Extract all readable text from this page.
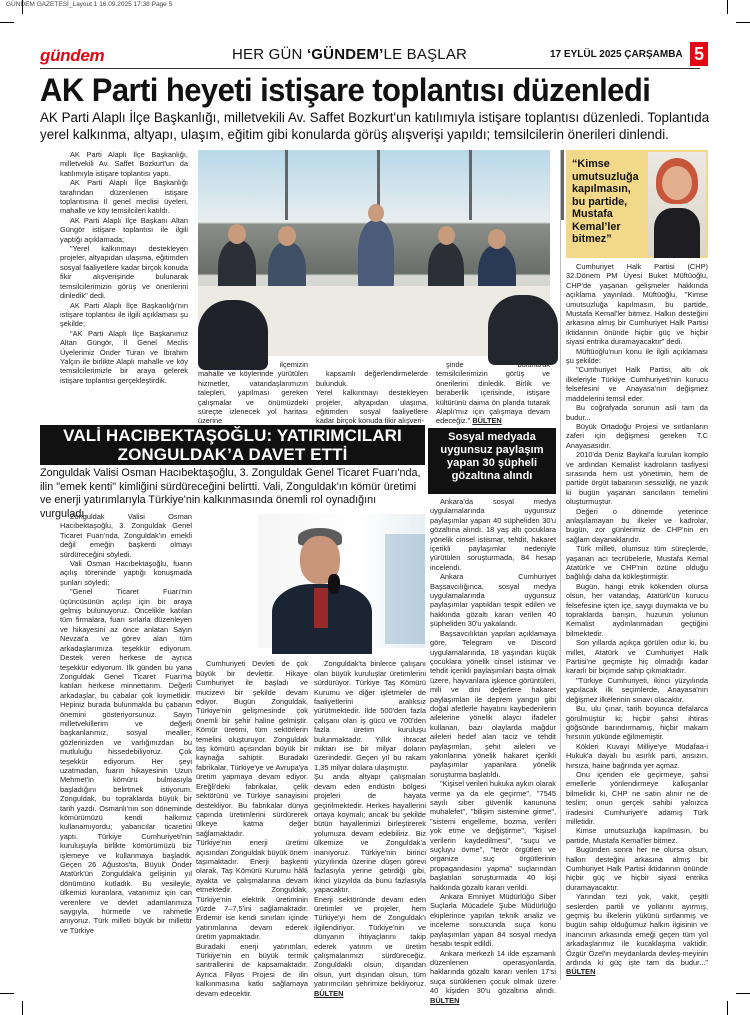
GÜNDEM GAZETESİ_Layout 1 16.09.2025 17:38 Page 5
gündem	HER GÜN ‘GÜNDEM’LE BAŞLAR	17 EYLÜL 2025 ÇARŞAMBA 5
AK Parti heyeti istişare toplantısı düzenledi
AK Parti Alaplı İlçe Başkanlığı, milletvekili Av. Saffet Bozkurt'un katılımıyla istişare toplantısı düzenledi. Toplantıda yerel kalkınma, altyapı, ulaşım, eğitim gibi konularda görüş alışverişi yapıldı; temsilcilerin önerileri dinlendi.

AK Parti Alaplı İlçe Başkanlığı, milletvekili Av. Saffet Bozkurt'un da katılımıyla istişare toplantısı yaptı.

AK Parti Alaplı İlçe Başkanlığı tarafından düzenlenen istişare toplantısına İl genel meclisi üyeleri, mahalle ve köy temsilcileri katıldı.

AK Parti Alaplı İlçe Başkanı Altan Güngör istişare toplantısı ile ilgili yaptığı açıklamada;

"Yerel kalkınmayı destekleyen projeler, altyapıdan ulaşıma, eğitimden sosyal faaliyetlere kadar birçok konuda fikir alışverişinde bulunarak temsilcilerimizin görüş ve önerilerini dinledik" dedi.

AK Parti Alaplı İlçe Başkanlığı'nın istişare toplantısı ile ilgili açıklaması şu şekilde;

"AK Parti Alaplı İlçe Başkanımız Altan Güngör, İl Genel Meclis Üyelerimiz Önder Turan ve İbrahim Yalçın ile birlikte Alaplı mahalle ve köy temsilcilerimizle bir araya gelerek istişare toplantısı gerçekleştirdik.

Toplantımızda; ilçemizin mahalle ve köylerinde yürütülen hizmetler, vatandaşlarımızın talepleri, yapılması gereken çalışmalar ve önümüzdeki süreçte izlenecek yol haritası üzerine

kapsamlı değerlendirmelerde bulunduk.
Yerel kalkınmayı destekleyen projeler, altyapıdan ulaşıma, eğitimden sosyal faaliyetlere kadar birçok konuda fikir alışveri-

şinde bulunarak temsilcilerimizin görüş ve önerilerini dinledik. Birlik ve beraberlik içerisinde, istişare kültürünü daima ön planda tutarak Alaplı'mız için çalışmaya devam edeceğiz." BÜLTEN

“Kimse umutsuzluğa kapılmasın, bu partide, Mustafa Kemal’ler bitmez”

Cumhuriyet Halk Partisi (CHP) 32.Dönem PM Üyesi Buket Müftüoğlu, CHP'de yaşanan gelişmeler hakkında açıklama yayınladı. Müftüoğlu, "Kimse umutsuzluğa kapılmasın, bu partide, Mustafa Kemal'ler bitmez. Halkın desteğini arkasına almış bir Cumhuriyet Halk Partisi iktidarının önünde hiçbir güç ve hiçbir siyasi entrika duramayacaktır" dedi.

Müftüoğlu'nun konu ile ilgili açıklaması şu şekilde:

"Cumhuriyet Halk Partisi, altı ok ilkeleriyle Türkiye Cumhuriyeti'nin kurucu felsefesini ve Anayasa'nın değişmez maddelerini temsil eder.

Bu coğrafyada sorunun asli tam da budur...

Büyük Ortadoğu Projesi ve sırtlanların zaferi için değişmesi gereken T.C Anayasasıdır.

2010'da Deniz Baykal'a kurulan komplo ve ardından Kemalist kadroların tasfiyesi sırasında hem ust yönetimin, hem de partide örgüt tabanının sessizliği, ne yazık ki bugün yaşanan sancıların temelini oluşturmuştur.

Değeri o dönemde yeterince anlaşılamayan bu ilkeler ve kadrolar, bugün, zor günlerimiz de CHP'nin en sağlam dayanaklarıdır.

Türk milleti, olumsuz tüm süreçlerde, yaşanan acı tecrübelerle, Mustafa Kemal Atatürk'e ve CHP'nin özüne olduğu bağlılığı daha da kökleştirmiştir.

Bugün, hangi etnik kökenden olursa olsun, her vatandaş, Atatürk'ün kurucu felsefesine içten içe, saygı duymakta ve bu topraklarda barışın, huzurun yolunun Kemalist aydınlanmadan geçtiğini bilmektedir.

Son yıllarda açıkça görülen odur ki, bu millet, Atatürk ve Cumhuriyet Halk Partisi'ne geçmişte hiç olmadığı kadar kararlı bir biçimde sahip çıkmaktadır.

"Türkiye Cumhuriyeti, ikinci yüzyılında yapılacak ilk seçimlerde, Anayasa'nın değişmez ilkelerinin sınavı olacaktır.

Bu, ulu çınar, tarih boyunca defalarca görülmüştür ki; hiçbir şahsi ihtiras göğsünde barındırmamış, hiçbir makam hırsının yükünde eğilmemiştir.

Kökleri Kuvayi Milliye'ye Müdafaa-i Hukuk'a dayalı bu asırlık parti, ansızın, hırsıza, haine bağrında yer açmaz.

Onu içeriden ele geçirmeye, şahsi emellerle yönlendirmeye kalkışanlar bilmelidir ki, CHP ne satın alınır ne de teslim; onun gerçek sahibi yalnızca iradesini Cumhuriyet'e adamış Türk milletidir.

Kimse umutsuzluğa kapılmasın, bu partide, Mustafa Kemal'ler bitmez.

Bugünden sonra her ne olursa olsun, halkın desteğini arkasına almış bir Cumhuriyet Halk Partisi iktidarının önünde hiçbir güç ve hiçbir siyasi entrika duramayacaktır.

Yarından tezi yok, vakit, çeşitli seslerden partili ve yollarını ayırmış, geçmiş bu ilkelerin yükünü sırtlanmış ve bugün sahip olduğumuz halkın ilgisinin ve inancının arkasında emeği geçen tüm yol arkadaşlarımız ile kucaklaşma vaktidir. Özgür Özel'in meydanlarda devleş-meyinin ardında ki güç işte tam da budur..." BÜLTEN

VALİ HACIBEKTAŞOĞLU: YATIRIMCILARI ZONGULDAK’A DAVET ETTİ
Zonguldak Valisi Osman Hacıbektaşoğlu, 3. Zonguldak Genel Ticaret Fuarı'nda, ilin "emek kenti" kimliğini sürdüreceğini belirtti. Vali, Zonguldak'ın kömür üretimi ve enerji yatırımlarıyla Türkiye'nin kalkınmasında önemli rol oynadığını vurguladı.

Zonguldak Valisi Osman Hacıbektaşoğlu, 3. Zonguldak Genel Ticaret Fuarı'nda, Zonguldak'ın emekli değil emeğin başkenti olmayı sürdüreceğini söyledi.

Vali Osman Hacıbektaşoğlu, fuarın açılış töreninde yaptığı konuşmada şunları söyledi;

"Genel Ticaret Fuarı'nın üçüncüsünün açılışı için bir araya gelmiş bulunuyoruz. Öncelikle katılan tüm firmalara, fuarı sırlarla düzenleyen ve hikayesini az önce anlatan Sayın Nevzat'a ve görev alan tüm arkadaşlarımıza teşekkür ediyorum. Destek veren herkese de ayrıca teşekkür ediyorum. İlk günden bu yana Zonguldak Genel Ticaret Fuarı'na katılan herkese minnettarım. Değerli arkadaşlar, bu çabalar çok kıymetlidir. Hepiniz burada bulunmakla bu çabanın önemini gösteriyorsunuz. Sayın milletvekillerim ve değerli başkanlarımız, sosyal mealler; gözlerinizden ve varlığınızdan bu mutluluğu hissedebiliyoruz. Çok teşekkür ediyorum. Her şeyi uzatmadan, fuarın hikayesinin Uzun Mehmet'in kömürü bulmasıyla başladığını belirtmek istiyorum. Zonguldak, bu topraklarda büyük bir tarih yazdı. Osmanlı'nın son döneminde kömürümüzü kendi halkımız kullanamıyordu; yabancılar ticaretini yaptı. Türkiye Cumhuriyeti'nin kuruluşuyla birlikte kömürümüzü biz işlemeye ve kullanmaya başladık. Geçen 26 Ağustos'ta, Büyük Önder Atatürk'ün Zonguldak'a gelişinin yıl dönümünü kutladık. Bu vesileyle, ülkemizi kuranlara, vatanımız için can verenlere ve devlet adamlarımıza saygıyla, hürmetle ve rahmetle anıyoruz. Türk milleti büyük bir millettir ve Türkiye

Cumhuriyeti Devleti de çok büyük bir devlettir. Hikaye Cumhuriyet ile başladı ve mucizevi bir şekilde devam ediyor. Bugün Zonguldak, Türkiye'nin gelişmesinde çok önemli bir şehir haline gelmiştir. Kömür üretimi, tüm sektörlerin temelini oluşturuyor. Zonguldak taş kömürü açısından büyük bir kaynağa sahiptir. Buradaki fabrikalar, Türkiye'ye ve Avrupa'ya üretim yapmaya devam ediyor. Ereğli'deki fabrikalar, çelik sektörünü ve Türkiye sanayisini destekliyor. Bu fabrikalar dünya çapında üretimlerini sürdürerek ülkeye katma değer sağlamaktadır.
Türkiye'nin enerji üretimi açısından Zonguldak büyük önem taşımaktadır. Enerji başkenti olarak, Taş Kömürü Kurumu hâlâ ayakta ve çalışmalarına devam etmektedir. Zonguldak, Türkiye'nin elektrik üretiminin yüzde 7–7,5'ini sağlamaktadır. Erdemir ise kendi sınırları içinde yatırımlarına devam ederek üretim yapmaktadır.
Buradaki enerji yatırımları, Türkiye'nin en büyük termik santrallerini de kapsamaktadır. Ayrıca Filyos Projesi de ilin kalkınmasına katkı sağlamaya devam edecektir.

Zonguldak'ta binlerce çalışanı olan büyük kuruluşlar üretimlerini sürdürüyor. Türkiye Taş Kömürü Kurumu ve diğer işletmeler de faaliyetlerini aralıksız yürütmektedir. İlde 500'den fazla çalışanı olan iş gücü ve 700'den fazla üretim kuruluşu bulunmaktadır. Yıllık ihracat miktarı ise bir milyar doların üzerindedir. Geçen yıl bu rakam 1,35 milyar dolara ulaşmıştır.
Şu anda altyapı çalışmaları devam eden endüstri bölgesi projeleri de hayata geçirilmektedir. Herkes hayallerini ortaya koymalı; ancak bu şekilde bütün hayallerimizi birleştirerek yolumuza devam edebiliriz. Biz ülkemize ve Zonguldak'a inanıyoruz. Türkiye'nin birinci yüzyılında üzerine düşen görevi fazlasıyla yerine getirdiği gibi, ikinci yüzyılda da bunu fazlasıyla yapacaktır.
Enerji sektöründe devam eden üretimler ve projeler, hem Türkiye'yi hem de Zonguldak'ı ilgilendiriyor. Türkiye'nin ve dünyanın ihtiyaçlarını takip ederek yatırım ve üretim çalışmalarımızı sürdüreceğiz. Zonguldaklı olsun, dışarıdan olsun, yurt dışından olsun, tüm yatırımcıları şehrimize bekliyoruz. BÜLTEN

Sosyal medyada uygunsuz paylaşım yapan 30 şüpheli gözaltına alındı

Ankara'da sosyal medya uygulamalarında uygunsuz paylaşımlar yapan 40 süpheliden 30'u gözaltına alındı. 18 yaş altı çocuklara yönelik cinsel istismar, tehdit, hakaret içerikli paylaşımlar nedeniyle yürütülen soruşturmada, 84 hesap incelendi.

Ankara Cumhuriyet Başsavcılığınca, sosyal medya uygulamalarında uygunsuz paylaşımlar yaptıkları tespit edilen ve hakkında gözaltı kararı verilen 40 şüpheliden 30'u yakalandı.

Başsavcılıktan yapılan açıklamaya göre, Telegram ve Discord uygulamalarında, 18 yaşından küçük çocuklara yönelik cinsel istismar ve tehdit içerikli paylaşımları başta olmak üzere, hayvanlara işkence görüntüleri, mili ve dini değerlere hakaret paylaşımları ile deprem yangın gibi doğal afetlerle hayatını kaybedenlerin ailelerine yönelik alaycı ifadeler kullanan, bazı olaylarda mağdur aileleri hedef alan taciz ve tehdit paylaşımları, şehit aileleri ve yakınlarına yönelik hakaret içerikli paylaşımlar yapanlara yönelik soruşturma başlatıldı.

"Kişisel verileri hukuka aykırı olarak verme ya da ele geçirme", "7545 sayılı siber güvenlik kanununa muhalefet", "bilişim sistemine girme", "sistemi engelleme, bozma, verileri yok etme ve değiştirme", "kişisel verilerin kaydedilmesi", "suçu ve suçluyu övme", "terör örgütleri ve organize suç örgütlerinin propagandasını yapma" suçlarından başlatılan soruşturmada 40 kişi hakkında gözaltı kararı verildi.

Ankara Emniyet Müdürlüğü Siber Suçlarla Mücadele Şube Müdürlüğü ekiplerince yapılan teknik analiz ve inceleme sonucunda suça konu paylaşımları yapan 84 sosyal medya hesabı tespit edildi.

Ankara merkezli 14 ilde eşzamanlı düzenlenen operasyonlarda, haklarında gözaltı kararı verilen 17'si suça sürüklenen çocuk olmak üzere 40 kişiden 30'u gözaltına alındı. BÜLTEN
